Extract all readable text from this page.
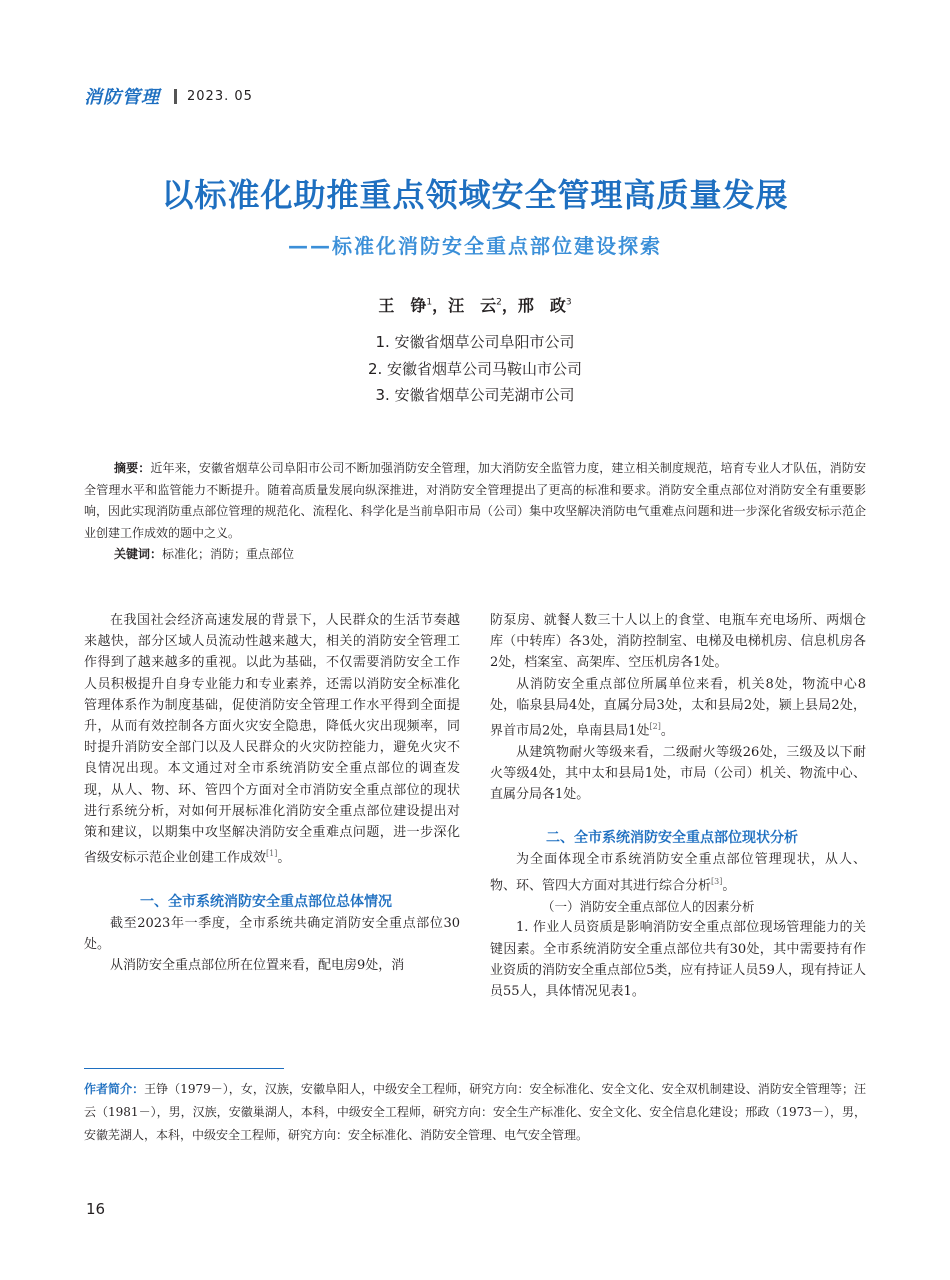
消防管理 2023. 05
以标准化助推重点领域安全管理高质量发展
——标准化消防安全重点部位建设探索
王　铮$^1$，汪　云$^2$，邢　政$^3$
1. 安徽省烟草公司阜阳市公司
2. 安徽省烟草公司马鞍山市公司
3. 安徽省烟草公司芜湖市公司

摘要：近年来，安徽省烟草公司阜阳市公司不断加强消防安全管理，加大消防安全监管力度，建立相关制度规范，培育专业人才队伍，消防安全管理水平和监管能力不断提升。随着高质量发展向纵深推进，对消防安全管理提出了更高的标准和要求。消防安全重点部位对消防安全有重要影响，因此实现消防重点部位管理的规范化、流程化、科学化是当前阜阳市局（公司）集中攻坚解决消防电气重难点问题和进一步深化省级安标示范企业创建工作成效的题中之义。

关键词：标准化；消防；重点部位

在我国社会经济高速发展的背景下，人民群众的生活节奏越来越快，部分区域人员流动性越来越大，相关的消防安全管理工作得到了越来越多的重视。以此为基础，不仅需要消防安全工作人员积极提升自身专业能力和专业素养，还需以消防安全标准化管理体系作为制度基础，促使消防安全管理工作水平得到全面提升，从而有效控制各方面火灾安全隐患，降低火灾出现频率，同时提升消防安全部门以及人民群众的火灾防控能力，避免火灾不良情况出现。本文通过对全市系统消防安全重点部位的调查发现，从人、物、环、管四个方面对全市消防安全重点部位的现状进行系统分析，对如何开展标准化消防安全重点部位建设提出对策和建议，以期集中攻坚解决消防安全重难点问题，进一步深化省级安标示范企业创建工作成效[1]。

一、全市系统消防安全重点部位总体情况

截至2023年一季度，全市系统共确定消防安全重点部位30处。

从消防安全重点部位所在位置来看，配电房9处，消

防泵房、就餐人数三十人以上的食堂、电瓶车充电场所、两烟仓库（中转库）各3处，消防控制室、电梯及电梯机房、信息机房各2处，档案室、高架库、空压机房各1处。

从消防安全重点部位所属单位来看，机关8处，物流中心8处，临泉县局4处，直属分局3处，太和县局2处，颍上县局2处，界首市局2处，阜南县局1处[2]。

从建筑物耐火等级来看，二级耐火等级26处，三级及以下耐火等级4处，其中太和县局1处，市局（公司）机关、物流中心、直属分局各1处。

二、全市系统消防安全重点部位现状分析

为全面体现全市系统消防安全重点部位管理现状，从人、物、环、管四大方面对其进行综合分析[3]。

（一）消防安全重点部位人的因素分析

1. 作业人员资质是影响消防安全重点部位现场管理能力的关键因素。全市系统消防安全重点部位共有30处，其中需要持有作业资质的消防安全重点部位5类，应有持证人员59人，现有持证人员55人，具体情况见表1。

作者简介：王铮（1979－），女，汉族，安徽阜阳人，中级安全工程师，研究方向：安全标准化、安全文化、安全双机制建设、消防安全管理等；汪云（1981－），男，汉族，安徽巢湖人，本科，中级安全工程师，研究方向：安全生产标准化、安全文化、安全信息化建设；邢政（1973－），男，安徽芜湖人，本科，中级安全工程师，研究方向：安全标准化、消防安全管理、电气安全管理。
16
